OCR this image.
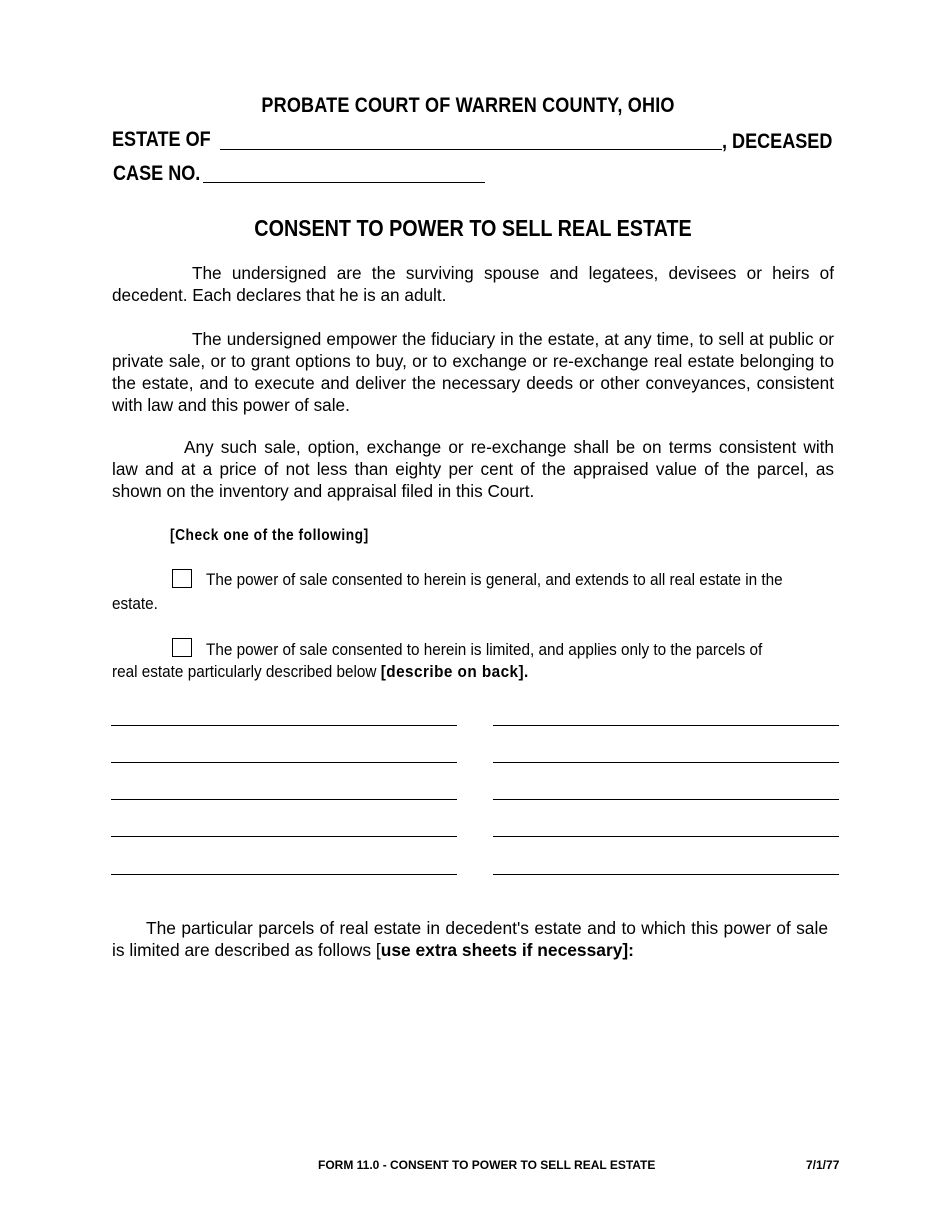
PROBATE COURT OF WARREN COUNTY, OHIO
ESTATE OF	, DECEASED
CASE NO.
CONSENT TO POWER TO SELL REAL ESTATE
The undersigned are the surviving spouse and legatees, devisees or heirs of decedent. Each declares that he is an adult.
The undersigned empower the fiduciary in the estate, at any time, to sell at public or private sale, or to grant options to buy, or to exchange or re-exchange real estate belonging to the estate, and to execute and deliver the necessary deeds or other conveyances, consistent with law and this power of sale.
Any such sale, option, exchange or re-exchange shall be on terms consistent with law and at a price of not less than eighty per cent of the appraised value of the parcel, as shown on the inventory and appraisal filed in this Court.
[Check one of the following]
The power of sale consented to herein is general, and extends to all real estate in the
estate.
The power of sale consented to herein is limited, and applies only to the parcels of
real estate particularly described below [describe on back].
The particular parcels of real estate in decedent's estate and to which this power of sale is limited are described as follows [use extra sheets if necessary]:
FORM 11.0 - CONSENT TO POWER TO SELL REAL ESTATE	7/1/77
